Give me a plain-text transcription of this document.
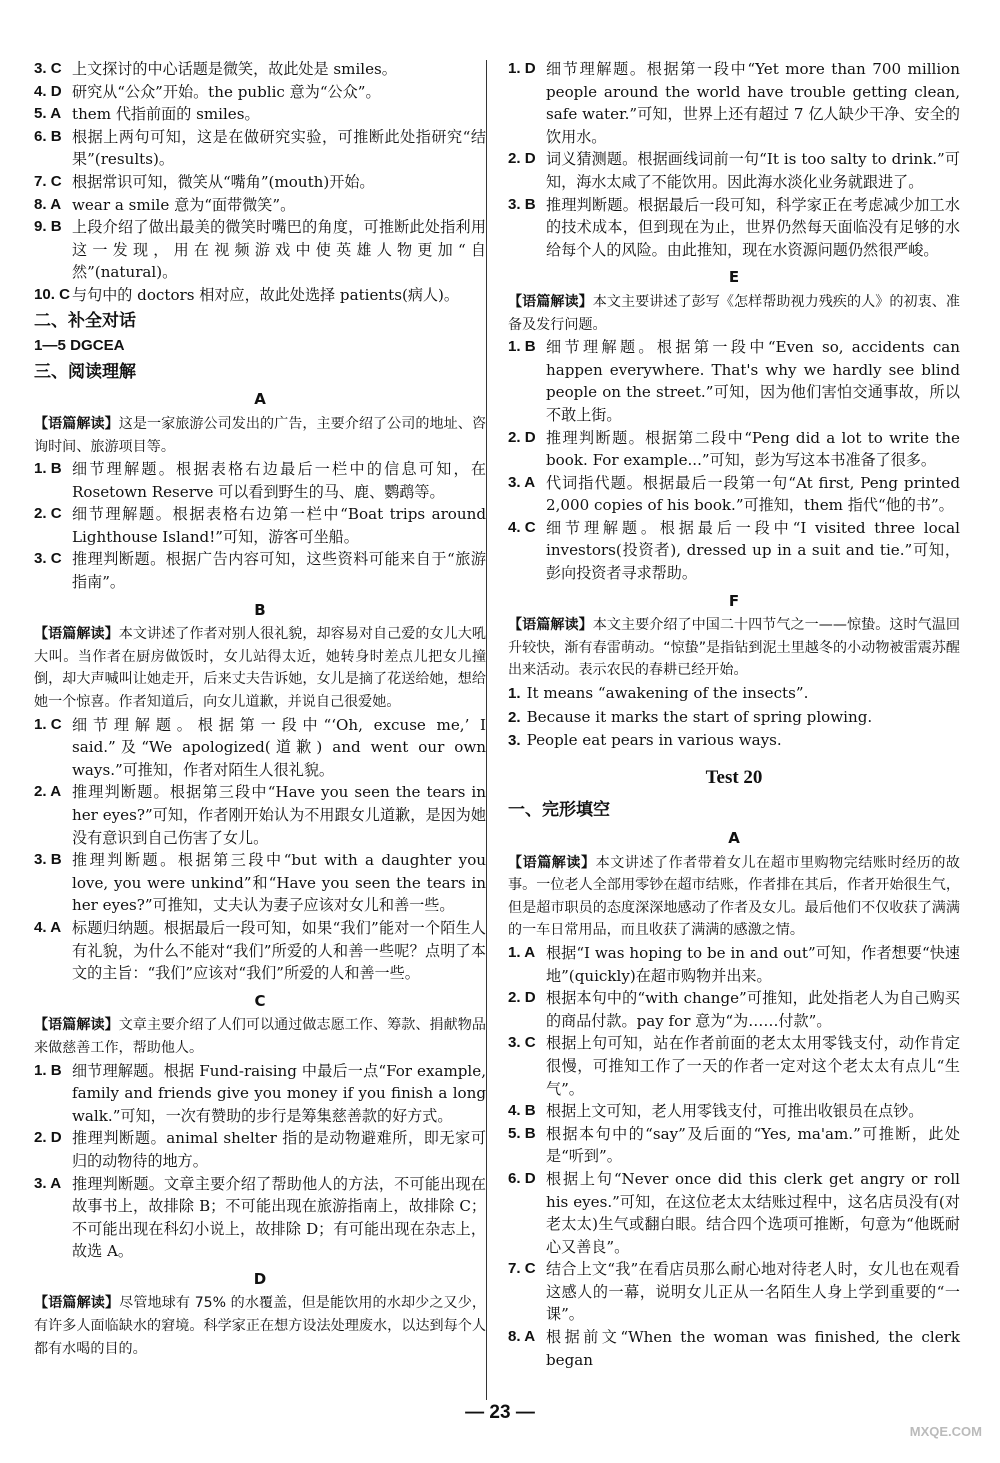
3. C 上文探讨的中心话题是微笑，故此处是 smiles。

4. D 研究从“公众”开始。the public 意为“公众”。

5. A them 代指前面的 smiles。

6. B 根据上两句可知，这是在做研究实验，可推断此处指研究“结果”(results)。

7. C 根据常识可知，微笑从“嘴角”(mouth)开始。

8. A wear a smile 意为“面带微笑”。

9. B 上段介绍了做出最美的微笑时嘴巴的角度，可推断此处指利用这一发现，用在视频游戏中使英雄人物更加“自然”(natural)。

10. C 与句中的 doctors 相对应，故此处选择 patients(病人)。

二、补全对话

1—5 DGCEA

三、阅读理解
A

【语篇解读】这是一家旅游公司发出的广告，主要介绍了公司的地址、咨询时间、旅游项目等。

1. B 细节理解题。根据表格右边最后一栏中的信息可知，在 Rosetown Reserve 可以看到野生的马、鹿、鹦鹉等。

2. C 细节理解题。根据表格右边第一栏中“Boat trips around Lighthouse Island!”可知，游客可坐船。

3. C 推理判断题。根据广告内容可知，这些资料可能来自于“旅游指南”。

B

【语篇解读】本文讲述了作者对别人很礼貌，却容易对自己爱的女儿大吼大叫。当作者在厨房做饭时，女儿站得太近，她转身时差点儿把女儿撞倒，却大声喊叫让她走开，后来丈夫告诉她，女儿是摘了花送给她，想给她一个惊喜。作者知道后，向女儿道歉，并说自己很爱她。

1. C 细节理解题。根据第一段中“‘Oh, excuse me,’ I said.”及“We apologized(道歉) and went our own ways.”可推知，作者对陌生人很礼貌。

2. A 推理判断题。根据第三段中“Have you seen the tears in her eyes?”可知，作者刚开始认为不用跟女儿道歉，是因为她没有意识到自己伤害了女儿。

3. B 推理判断题。根据第三段中“but with a daughter you love, you were unkind”和“Have you seen the tears in her eyes?”可推知，丈夫认为妻子应该对女儿和善一些。

4. A 标题归纳题。根据最后一段可知，如果“我们”能对一个陌生人有礼貌，为什么不能对“我们”所爱的人和善一些呢？点明了本文的主旨：“我们”应该对“我们”所爱的人和善一些。

C

【语篇解读】文章主要介绍了人们可以通过做志愿工作、筹款、捐献物品来做慈善工作，帮助他人。

1. B 细节理解题。根据 Fund-raising 中最后一点“For example, family and friends give you money if you finish a long walk.”可知，一次有赞助的步行是筹集慈善款的好方式。

2. D 推理判断题。animal shelter 指的是动物避难所，即无家可归的动物待的地方。

3. A 推理判断题。文章主要介绍了帮助他人的方法，不可能出现在故事书上，故排除 B；不可能出现在旅游指南上，故排除 C；不可能出现在科幻小说上，故排除 D；有可能出现在杂志上，故选 A。

D

【语篇解读】尽管地球有 75% 的水覆盖，但是能饮用的水却少之又少，有许多人面临缺水的窘境。科学家正在想方设法处理废水，以达到每个人都有水喝的目的。

1. D 细节理解题。根据第一段中“Yet more than 700 million people around the world have trouble getting clean, safe water.”可知，世界上还有超过 7 亿人缺少干净、安全的饮用水。

2. D 词义猜测题。根据画线词前一句“It is too salty to drink.”可知，海水太咸了不能饮用。因此海水淡化业务就跟进了。

3. B 推理判断题。根据最后一段可知，科学家正在考虑减少加工水的技术成本，但到现在为止，世界仍然每天面临没有足够的水给每个人的风险。由此推知，现在水资源问题仍然很严峻。

E

【语篇解读】本文主要讲述了彭写《怎样帮助视力残疾的人》的初衷、准备及发行问题。

1. B 细节理解题。根据第一段中“Even so, accidents can happen everywhere. That's why we hardly see blind people on the street.”可知，因为他们害怕交通事故，所以不敢上街。

2. D 推理判断题。根据第二段中“Peng did a lot to write the book. For example...”可知，彭为写这本书准备了很多。

3. A 代词指代题。根据最后一段第一句“At first, Peng printed 2,000 copies of his book.”可推知，them 指代“他的书”。

4. C 细节理解题。根据最后一段中“I visited three local investors(投资者), dressed up in a suit and tie.”可知，彭向投资者寻求帮助。

F

【语篇解读】本文主要介绍了中国二十四节气之一——惊蛰。这时气温回升较快，渐有春雷萌动。“惊蛰”是指钻到泥土里越冬的小动物被雷震苏醒出来活动。表示农民的春耕已经开始。

1. It means “awakening of the insects”.

2. Because it marks the start of spring plowing.

3. People eat pears in various ways.

Test 20
一、完形填空
A

【语篇解读】本文讲述了作者带着女儿在超市里购物完结账时经历的故事。一位老人全部用零钞在超市结账，作者排在其后，作者开始很生气，但是超市职员的态度深深地感动了作者及女儿。最后他们不仅收获了满满的一车日常用品，而且收获了满满的感激之情。

1. A 根据“I was hoping to be in and out”可知，作者想要“快速地”(quickly)在超市购物并出来。

2. D 根据本句中的“with change”可推知，此处指老人为自己购买的商品付款。pay for 意为“为……付款”。

3. C 根据上句可知，站在作者前面的老太太用零钱支付，动作肯定很慢，可推知工作了一天的作者一定对这个老太太有点儿“生气”。

4. B 根据上文可知，老人用零钱支付，可推出收银员在点钞。

5. B 根据本句中的“say”及后面的“Yes, ma'am.”可推断，此处是“听到”。

6. D 根据上句“Never once did this clerk get angry or roll his eyes.”可知，在这位老太太结账过程中，这名店员没有(对老太太)生气或翻白眼。结合四个选项可推断，句意为“他既耐心又善良”。

7. C 结合上文“我”在看店员那么耐心地对待老人时，女儿也在观看这感人的一幕，说明女儿正从一名陌生人身上学到重要的“一课”。

8. A 根据前文“When the woman was finished, the clerk began

— 23 —
MXQE.COM
